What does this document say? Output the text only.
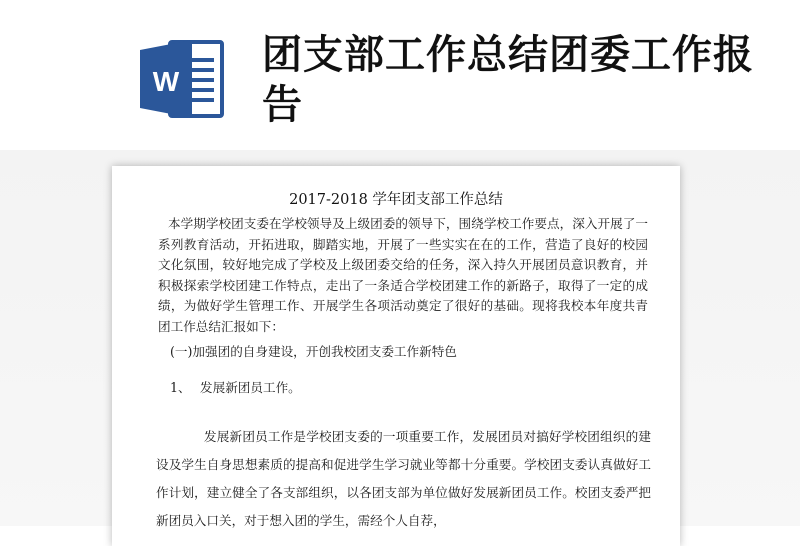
W
团支部工作总结团委工作报告

2017-2018 学年团支部工作总结

本学期学校团支委在学校领导及上级团委的领导下，围绕学校工作要点，深入开展了一系列教育活动，开拓进取，脚踏实地，开展了一些实实在在的工作，营造了良好的校园文化氛围，较好地完成了学校及上级团委交给的任务，深入持久开展团员意识教育，并积极探索学校团建工作特点，走出了一条适合学校团建工作的新路子，取得了一定的成绩，为做好学生管理工作、开展学生各项活动奠定了很好的基础。现将我校本年度共青团工作总结汇报如下：

(一)加强团的自身建设，开创我校团支委工作新特色

1、 发展新团员工作。

发展新团员工作是学校团支委的一项重要工作，发展团员对搞好学校团组织的建设及学生自身思想素质的提高和促进学生学习就业等都十分重要。学校团支委认真做好工作计划，建立健全了各支部组织，以各团支部为单位做好发展新团员工作。校团支委严把新团员入口关，对于想入团的学生，需经个人自荐，
